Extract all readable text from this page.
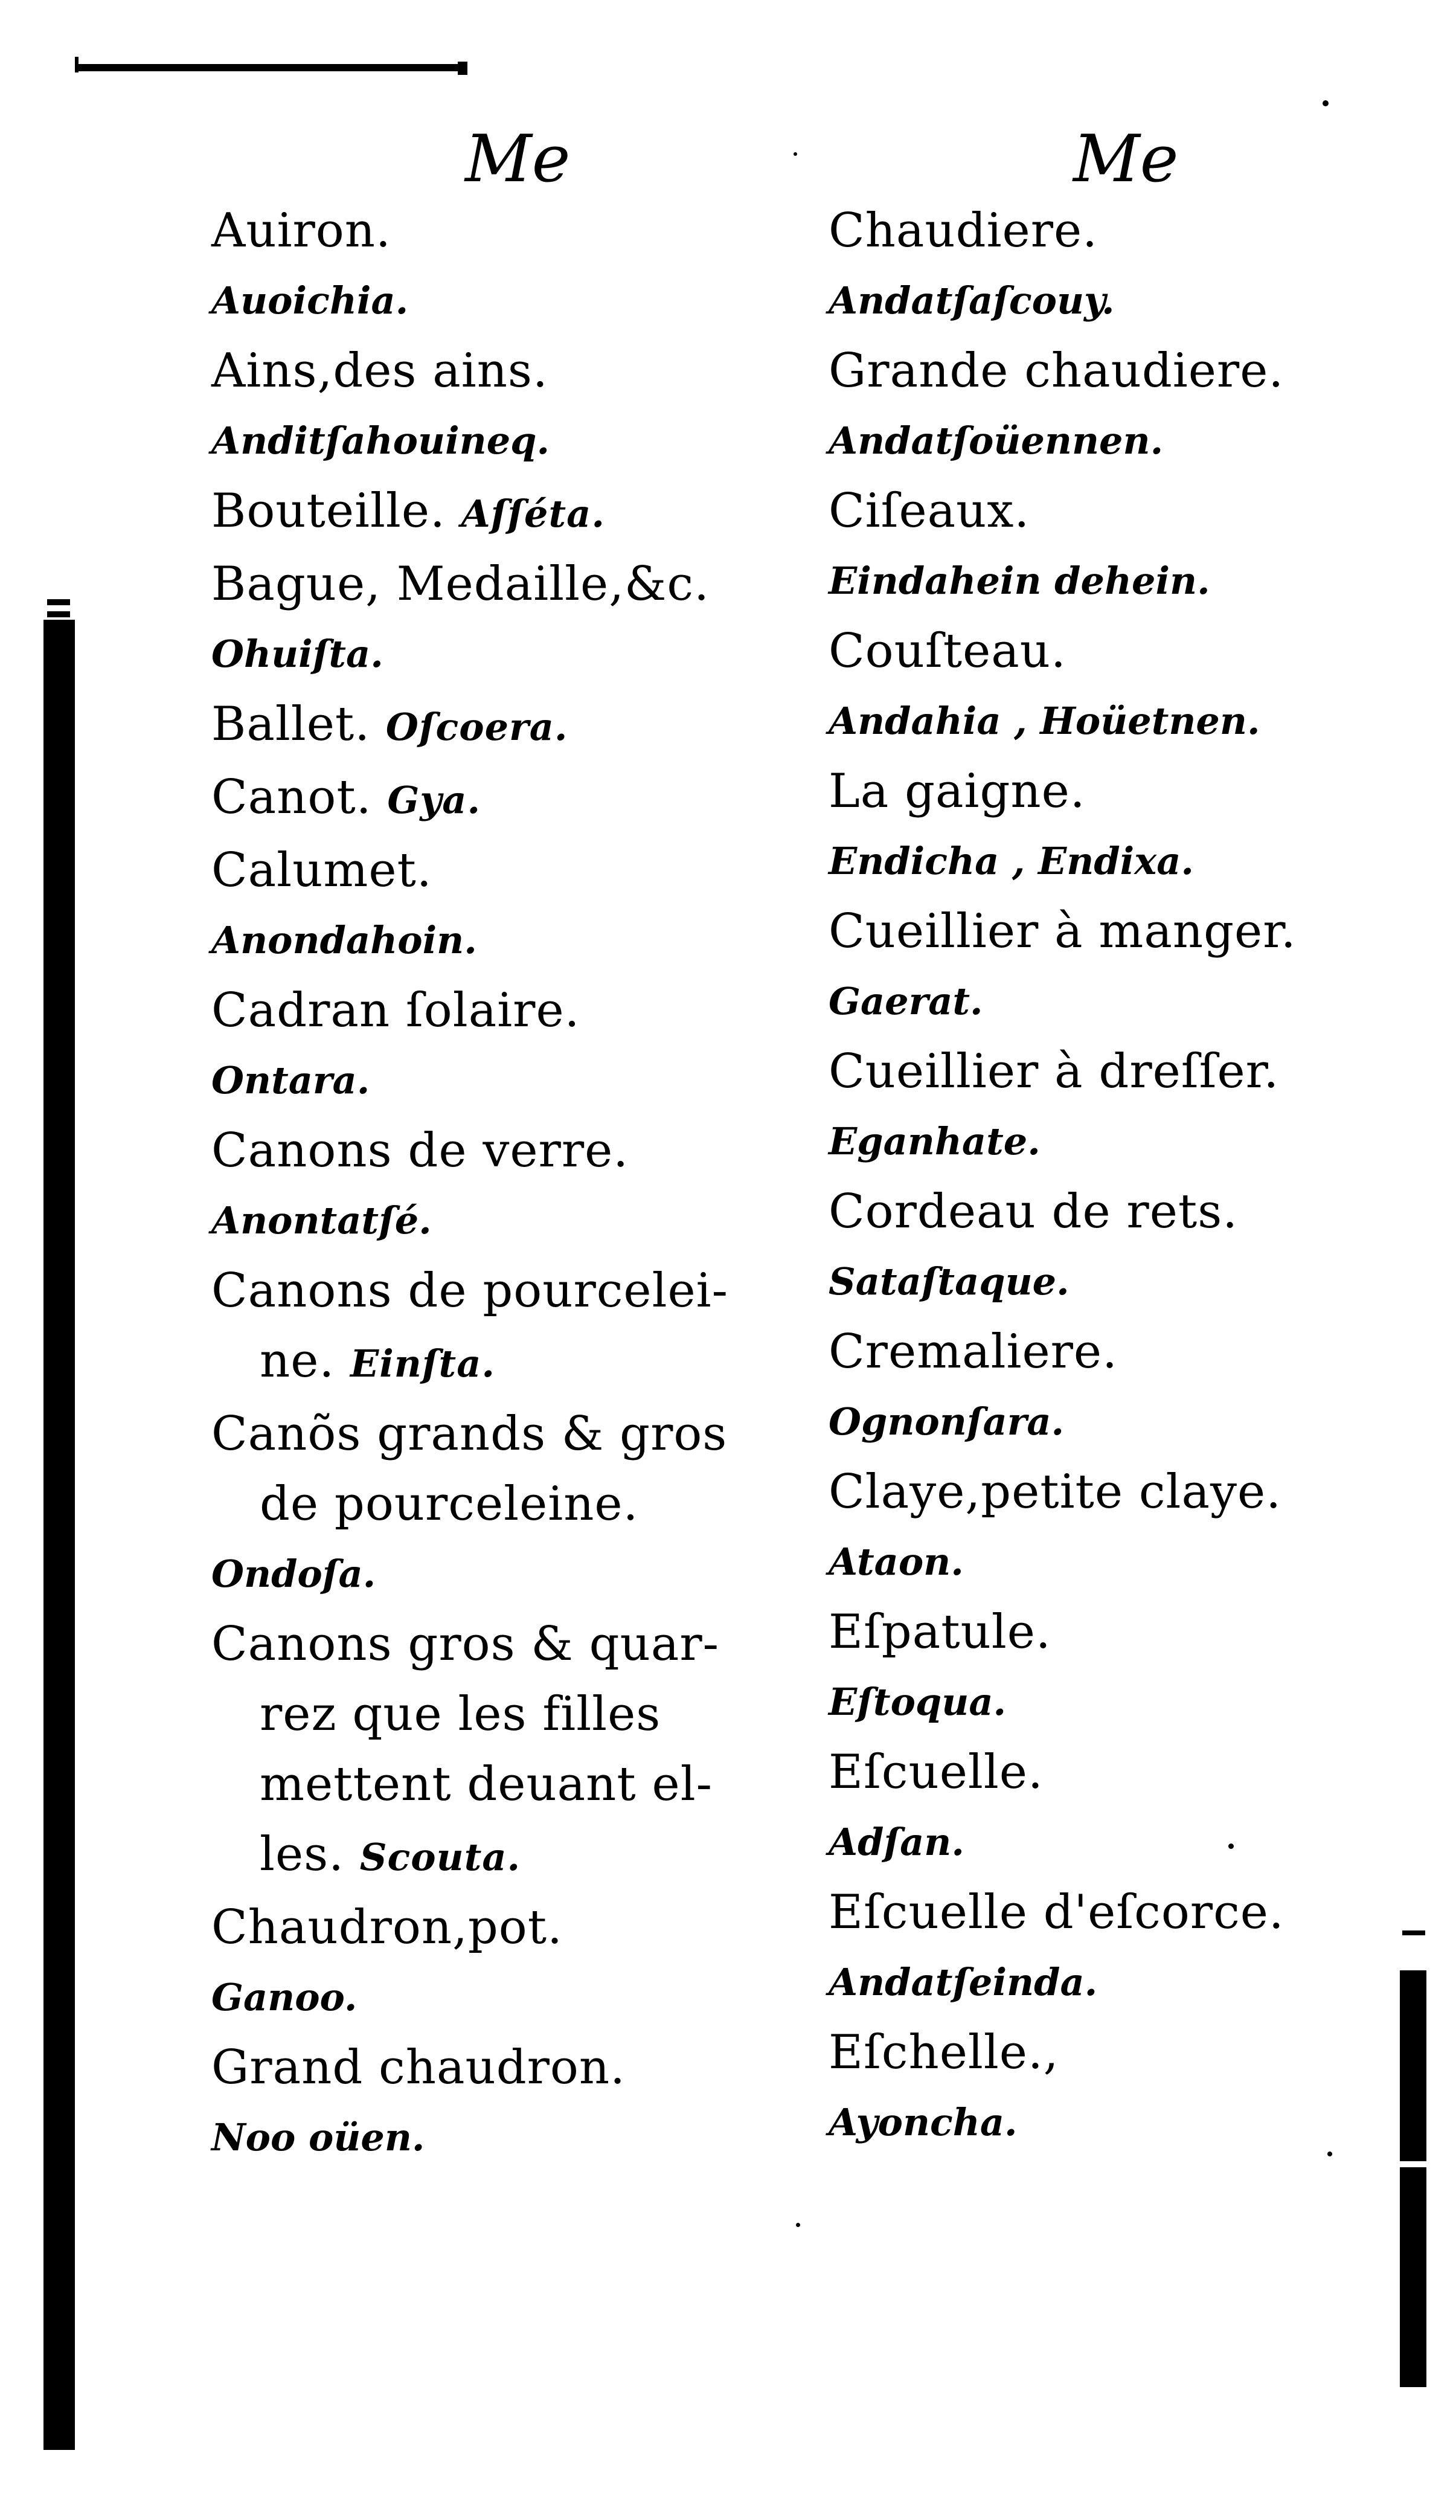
Me
Auiron.
Auoichia.
Ains,des ains.
Anditſahouineq.
Bouteille. Aſſéta.
Bague, Medaille,&c.
Ohuiſta.
Ballet. Oſcoera.
Canot. Gya.
Calumet.
Anondahoin.
Cadran ſolaire.
Ontara.
Canons de verre.
Anontatſé.
Canons de pourcelei-
ne. Einſta.
Canõs grands & gros
de pourceleine.
Ondoſa.
Canons gros & quar-
rez que les filles
mettent deuant el-
les. Scouta.
Chaudron,pot.
Ganoo.
Grand chaudron.
Noo oüen.
Me
Chaudiere.
Andatſaſcouy.
Grande chaudiere.
Andatſoüennen.
Ciſeaux.
Eindahein dehein.
Couſteau.
Andahia , Hoüetnen.
La gaigne.
Endicha , Endixa.
Cueillier à manger.
Gaerat.
Cueillier à dreſſer.
Eganhate.
Cordeau de rets.
Sataſtaque.
Cremaliere.
Ognonſara.
Claye,petite claye.
Ataon.
Eſpatule.
Eſtoqua.
Eſcuelle.
Adſan.
Eſcuelle d'eſcorce.
Andatſeinda.
Eſchelle.,
Ayoncha.
